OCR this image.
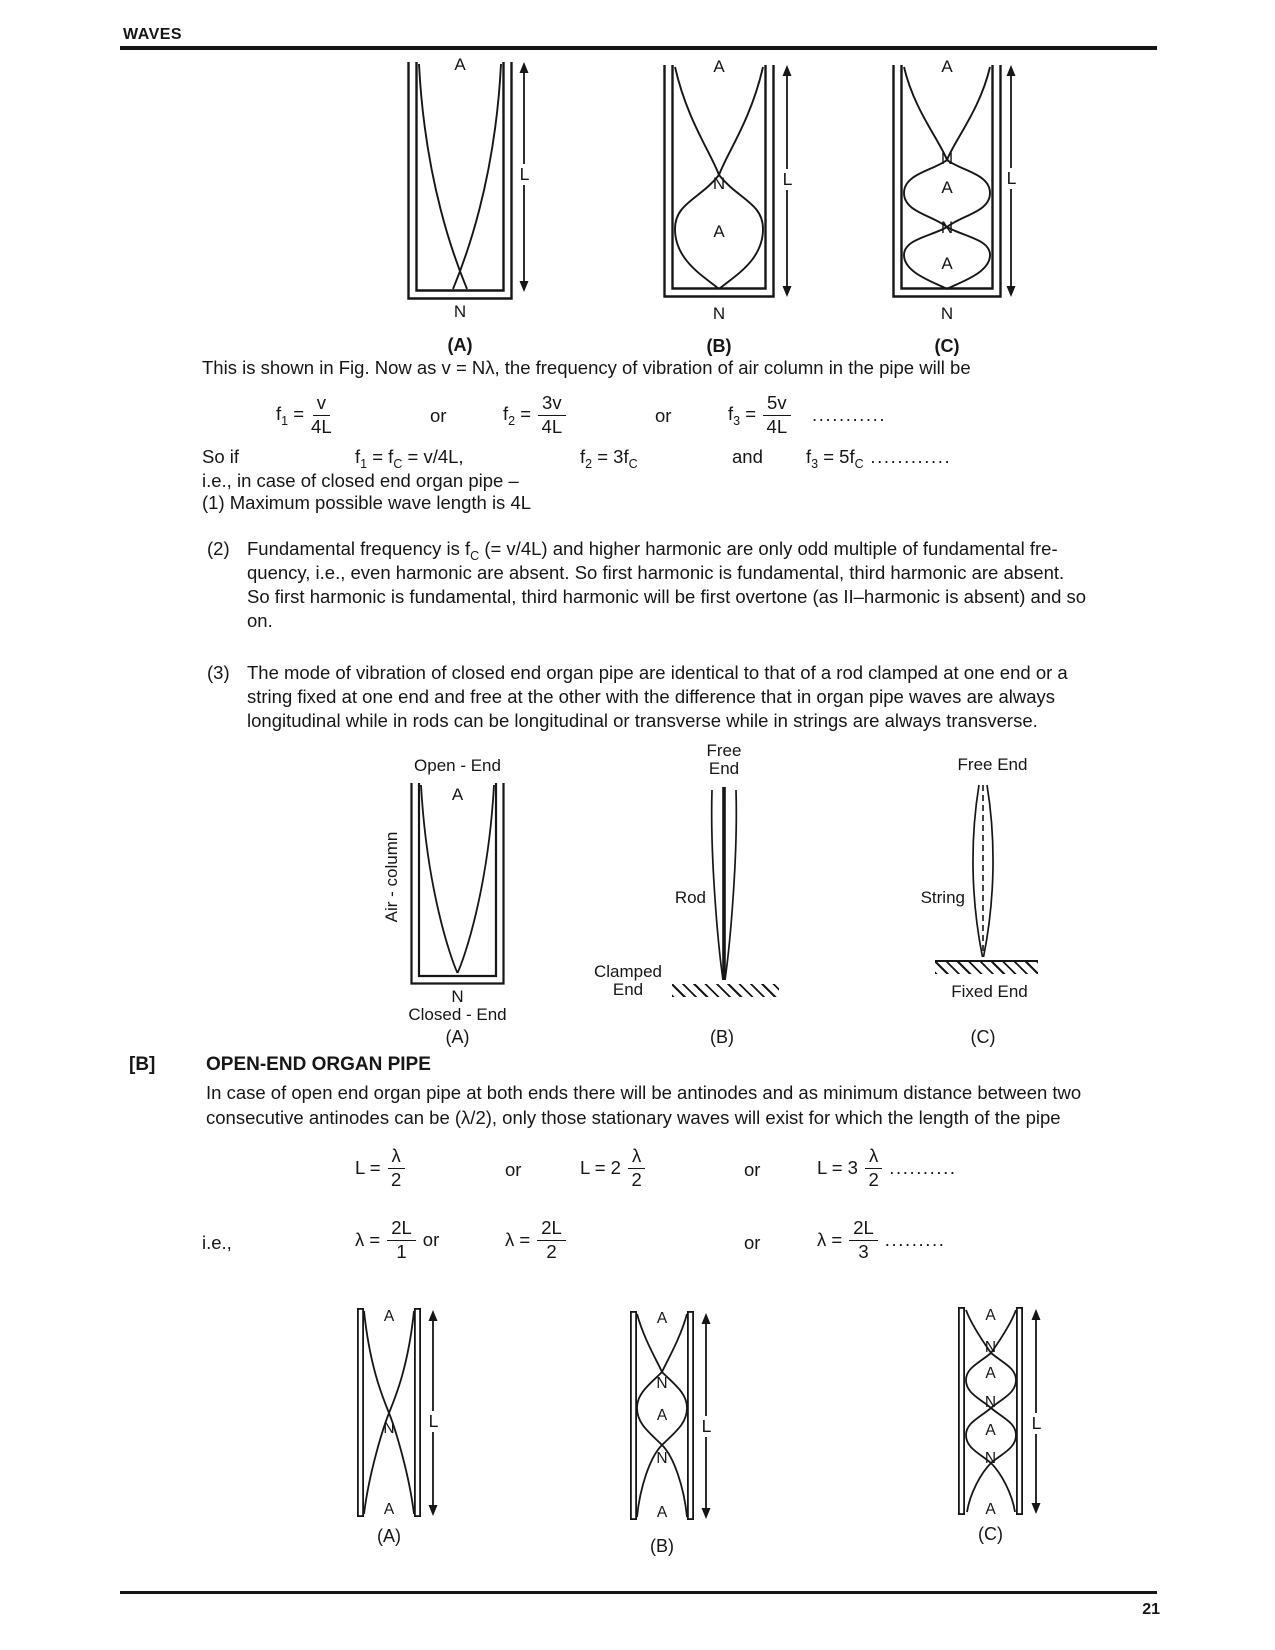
WAVES
A
N
L
(A)
A
N
A
N
L
(B)
A
N
A
N
A
N
L
(C)
This is shown in Fig. Now as v = Nλ, the frequency of vibration of air column in the pipe will be
$f_1 = \frac{v}{4L}$	or	$f_2 = \frac{3v}{4L}$	or	$f_3 = \frac{5v}{4L}$ ...........
So if	$f_1 = f_C = v/4L$,	$f_2 = 3f_C$	and $f_3 = 5f_C$ ............
i.e., in case of closed end organ pipe –
(1) Maximum possible wave length is 4L
(2) Fundamental frequency is $f_C$ (= v/4L) and higher harmonic are only odd multiple of fundamental fre-
quency, i.e., even harmonic are absent. So first harmonic is fundamental, third harmonic are absent.
So first harmonic is fundamental, third harmonic will be first overtone (as II–harmonic is absent) and so
on.
(3) The mode of vibration of closed end organ pipe are identical to that of a rod clamped at one end or a
string fixed at one end and free at the other with the difference that in organ pipe waves are always
longitudinal while in rods can be longitudinal or transverse while in strings are always transverse.
Open - End
A
Air - column
N
Closed - End
(A)
Free
End
Rod
Clamped
End
(B)
Free End
String
Fixed End
(C)
[B]	OPEN-END ORGAN PIPE
In case of open end organ pipe at both ends there will be antinodes and as minimum distance between two
consecutive antinodes can be (λ/2), only those stationary waves will exist for which the length of the pipe
$L = \frac{\lambda}{2}$	or	$L = 2 \frac{\lambda}{2}$	or	$L = 3 \frac{\lambda}{2}$ ..........
i.e.,	$\lambda = \frac{2L}{1}$ or	$\lambda = \frac{2L}{2}$	or	$\lambda = \frac{2L}{3}$ .........
A
N
A
L
(A)
A
N
A
N
A
L
(B)
A
N
A
N
A
N
A
L
(C)
21
